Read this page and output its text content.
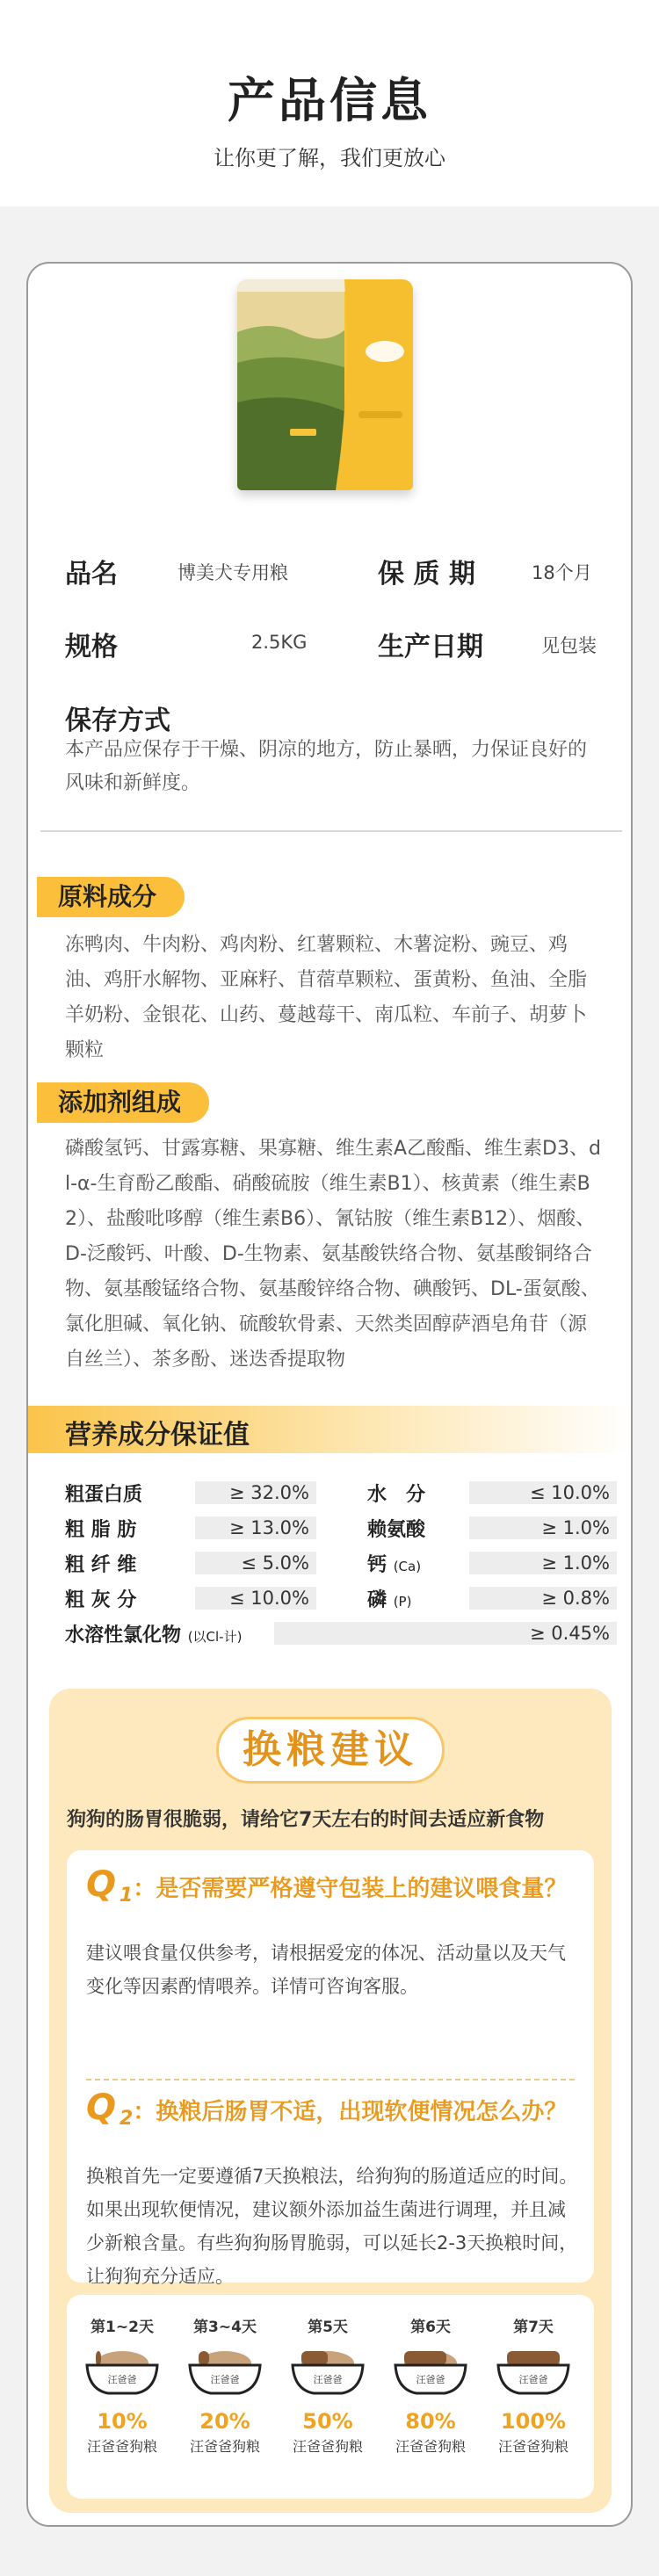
产品信息

让你更了解，我们更放心

品名	博美犬专用粮	保 质 期	18个月
规格	2.5KG	生产日期	见包装
保存方式
本产品应保存于干燥、阴凉的地方，防止暴晒，力保证良好的风味和新鲜度。
原料成分
冻鸭肉、牛肉粉、鸡肉粉、红薯颗粒、木薯淀粉、豌豆、鸡油、鸡肝水解物、亚麻籽、苜蓿草颗粒、蛋黄粉、鱼油、全脂羊奶粉、金银花、山药、蔓越莓干、南瓜粒、车前子、胡萝卜颗粒
添加剂组成
磷酸氢钙、甘露寡糖、果寡糖、维生素A乙酸酯、维生素D3、dl-α-生育酚乙酸酯、硝酸硫胺（维生素B1）、核黄素（维生素B2）、盐酸吡哆醇（维生素B6）、氰钴胺（维生素B12）、烟酸、D-泛酸钙、叶酸、D-生物素、氨基酸铁络合物、氨基酸铜络合物、氨基酸锰络合物、氨基酸锌络合物、碘酸钙、DL-蛋氨酸、氯化胆碱、氧化钠、硫酸软骨素、天然类固醇萨酒皂角苷（源自丝兰）、茶多酚、迷迭香提取物
营养成分保证值
粗蛋白质	≥ 32.0%	水　分	≤ 10.0%
粗 脂 肪	≥ 13.0%	赖氨酸	≥ 1.0%
粗 纤 维	≤ 5.0%	钙 (Ca)	≥ 1.0%
粗 灰 分	≤ 10.0%	磷 (P)	≥ 0.8%
水溶性氯化物 (以Cl-计)	≥ 0.45%
换粮建议
狗狗的肠胃很脆弱，请给它7天左右的时间去适应新食物
Q $_1$：是否需要严格遵守包装上的建议喂食量？
建议喂食量仅供参考，请根据爱宠的体况、活动量以及天气变化等因素酌情喂养。详情可咨询客服。
Q $_2$：换粮后肠胃不适，出现软便情况怎么办？
换粮首先一定要遵循7天换粮法，给狗狗的肠道适应的时间。如果出现软便情况，建议额外添加益生菌进行调理，并且减少新粮含量。有些狗狗肠胃脆弱，可以延长2-3天换粮时间，让狗狗充分适应。
第1~2天
汪爸爸
10%
汪爸爸狗粮
第3~4天
汪爸爸
20%
汪爸爸狗粮
第5天
汪爸爸
50%
汪爸爸狗粮
第6天
汪爸爸
80%
汪爸爸狗粮
第7天
汪爸爸
100%
汪爸爸狗粮
